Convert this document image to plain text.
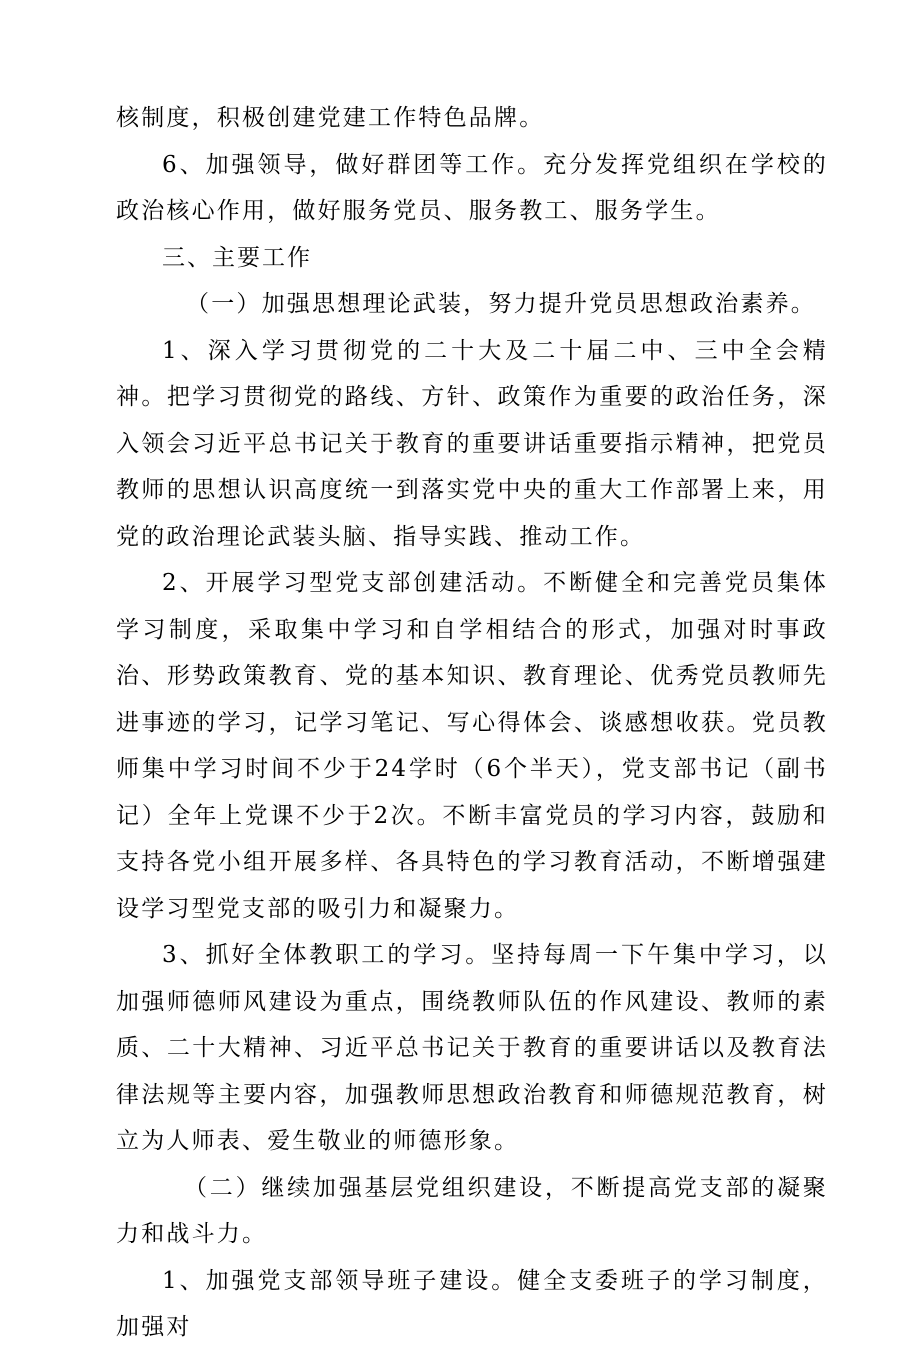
核制度，积极创建党建工作特色品牌。

6、加强领导，做好群团等工作。充分发挥党组织在学校的政治核心作用，做好服务党员、服务教工、服务学生。

三、主要工作

（一）加强思想理论武装，努力提升党员思想政治素养。

1、深入学习贯彻党的二十大及二十届二中、三中全会精神。把学习贯彻党的路线、方针、政策作为重要的政治任务，深入领会习近平总书记关于教育的重要讲话重要指示精神，把党员教师的思想认识高度统一到落实党中央的重大工作部署上来，用党的政治理论武装头脑、指导实践、推动工作。

2、开展学习型党支部创建活动。不断健全和完善党员集体学习制度，采取集中学习和自学相结合的形式，加强对时事政治、形势政策教育、党的基本知识、教育理论、优秀党员教师先进事迹的学习，记学习笔记、写心得体会、谈感想收获。党员教师集中学习时间不少于24学时（6个半天），党支部书记（副书记）全年上党课不少于2次。不断丰富党员的学习内容，鼓励和支持各党小组开展多样、各具特色的学习教育活动，不断增强建设学习型党支部的吸引力和凝聚力。

3、抓好全体教职工的学习。坚持每周一下午集中学习，以加强师德师风建设为重点，围绕教师队伍的作风建设、教师的素质、二十大精神、习近平总书记关于教育的重要讲话以及教育法律法规等主要内容，加强教师思想政治教育和师德规范教育，树立为人师表、爱生敬业的师德形象。

（二）继续加强基层党组织建设，不断提高党支部的凝聚力和战斗力。

1、加强党支部领导班子建设。健全支委班子的学习制度，加强对
